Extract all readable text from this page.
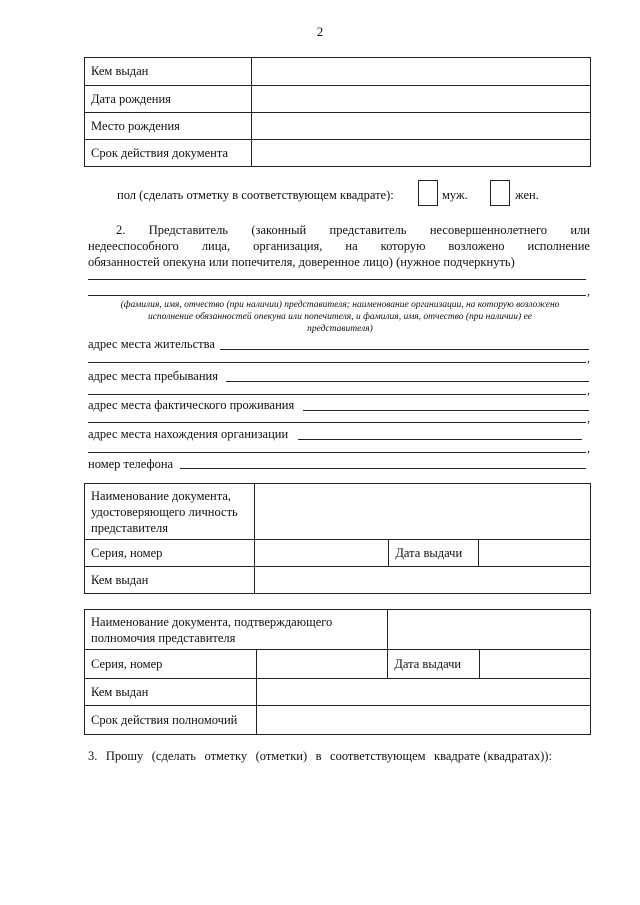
2
Кем выдан	
Дата рождения	
Место рождения	
Срок действия документа	
пол (сделать отметку в соответствующем квадрате):	муж.	жен.
2. Представитель (законный представитель несовершеннолетнего или
недееспособного лица, организация, на которую возложено исполнение
обязанностей опекуна или попечителя, доверенное лицо) (нужное подчеркнуть)
,
(фамилия, имя, отчество (при наличии) представителя; наименование организации, на которую возложено
исполнение обязанностей опекуна или попечителя, и фамилия, имя, отчество (при наличии) ее
представителя)
адрес места жительства
,
адрес места пребывания
,
адрес места фактического проживания
,
адрес места нахождения организации
,
номер телефона
Наименование документа, удостоверяющего личность представителя			
Серия, номер		Дата выдачи	
Кем выдан			
Наименование документа, подтверждающего полномочия представителя			
Серия, номер		Дата выдачи	
Кем выдан			
Срок действия полномочий			
3. Прошу (сделать отметку (отметки) в соответствующем квадрате (квадратах)):
